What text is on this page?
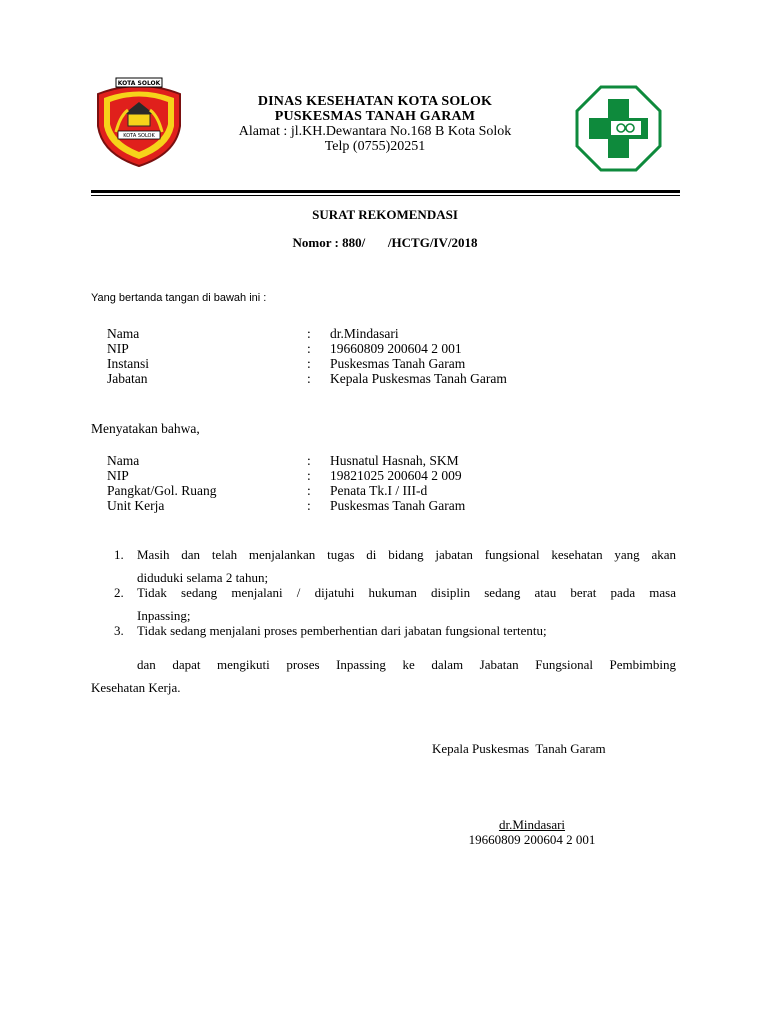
KOTA SOLOK
KOTA SOLOK
DINAS KESEHATAN KOTA SOLOK
PUSKESMAS TANAH GARAM
Alamat : jl.KH.Dewantara No.168 B Kota Solok
Telp (0755)20251
SURAT REKOMENDASI
Nomor : 880/       /HCTG/IV/2018
Yang bertanda tangan di bawah ini :
Nama	: dr.Mindasari
NIP	: 19660809 200604 2 001
Instansi	: Puskesmas Tanah Garam
Jabatan	: Kepala Puskesmas Tanah Garam
Menyatakan bahwa,
Nama	: Husnatul Hasnah, SKM
NIP	: 19821025 200604 2 009
Pangkat/Gol. Ruang	: Penata Tk.I / III-d
Unit Kerja	: Puskesmas Tanah Garam
1. Masih dan telah menjalankan tugas di bidang jabatan fungsional kesehatan yang akan
diduduki selama 2 tahun;
2. Tidak sedang menjalani / dijatuhi hukuman disiplin sedang atau berat pada masa
Inpassing;
3. Tidak sedang menjalani proses pemberhentian dari jabatan fungsional tertentu;
dan dapat mengikuti proses Inpassing ke dalam Jabatan Fungsional Pembimbing
Kesehatan Kerja.
Kepala Puskesmas  Tanah Garam
dr.Mindasari
19660809 200604 2 001
